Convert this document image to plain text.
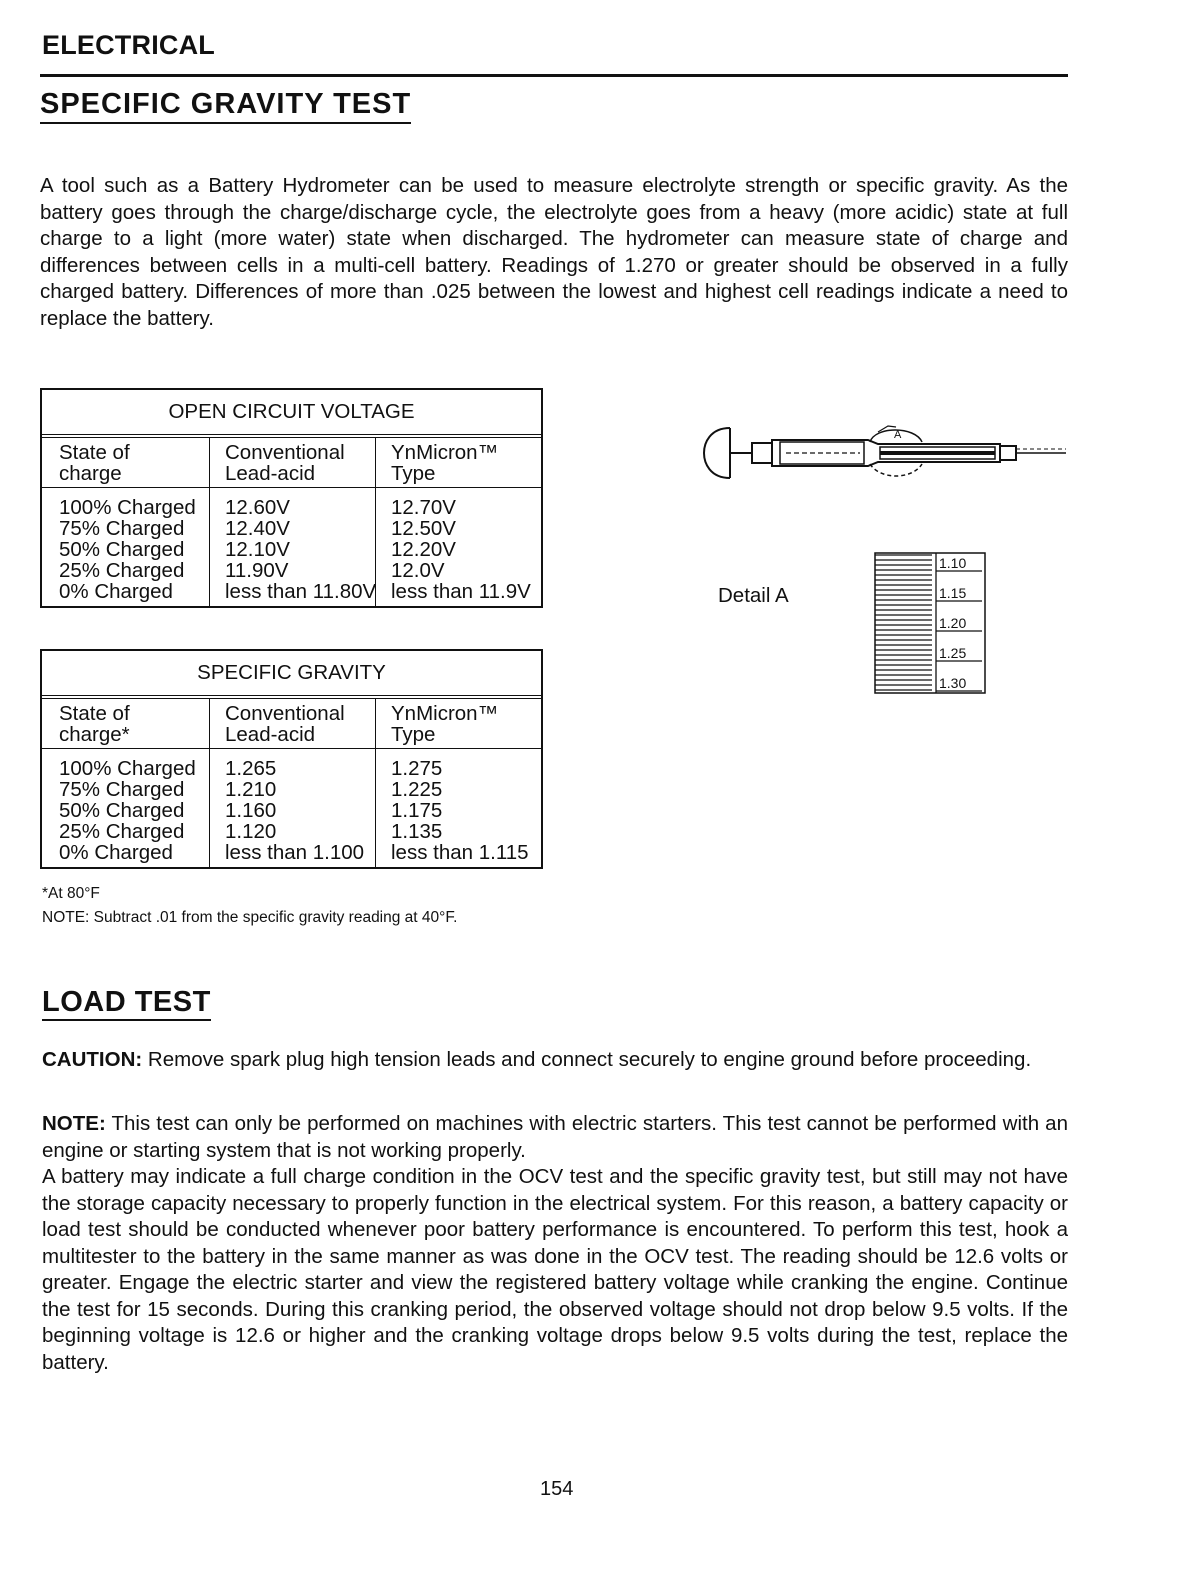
ELECTRICAL
SPECIFIC GRAVITY TEST
A tool such as a Battery Hydrometer can be used to measure electrolyte strength or specific gravity. As the battery goes through the charge/discharge cycle, the electrolyte goes from a heavy (more acidic) state at full charge to a light (more water) state when discharged. The hydrometer can measure state of charge and differences between cells in a multi-cell battery. Readings of 1.270 or greater should be observed in a fully charged battery. Differences of more than .025 between the lowest and highest cell readings indicate a need to replace the battery.
OPEN CIRCUIT VOLTAGE
State of
charge
Conventional
Lead-acid
YnMicron™
Type
100% Charged
75% Charged
50% Charged
25% Charged
0% Charged
12.60V
12.40V
12.10V
11.90V
less than 11.80V
12.70V
12.50V
12.20V
12.0V
less than 11.9V
SPECIFIC GRAVITY
State of
charge*
Conventional
Lead-acid
YnMicron™
Type
100% Charged
75% Charged
50% Charged
25% Charged
0% Charged
1.265
1.210
1.160
1.120
less than 1.100
1.275
1.225
1.175
1.135
less than 1.115
*At 80°F
NOTE: Subtract .01 from the specific gravity reading at 40°F.
A
Detail A
1.10
1.15
1.20
1.25
1.30
LOAD TEST
CAUTION: Remove spark plug high tension leads and connect securely to engine ground before proceeding.
NOTE: This test can only be performed on machines with electric starters. This test cannot be performed with an engine or starting system that is not working properly.
A battery may indicate a full charge condition in the OCV test and the specific gravity test, but still may not have the storage capacity necessary to properly function in the electrical system. For this reason, a battery capacity or load test should be conducted whenever poor battery performance is encountered. To perform this test, hook a multitester to the battery in the same manner as was done in the OCV test. The reading should be 12.6 volts or greater. Engage the electric starter and view the registered battery voltage while cranking the engine. Continue the test for 15 seconds. During this cranking period, the observed voltage should not drop below 9.5 volts. If the beginning voltage is 12.6 or higher and the cranking voltage drops below 9.5 volts during the test, replace the battery.
154
